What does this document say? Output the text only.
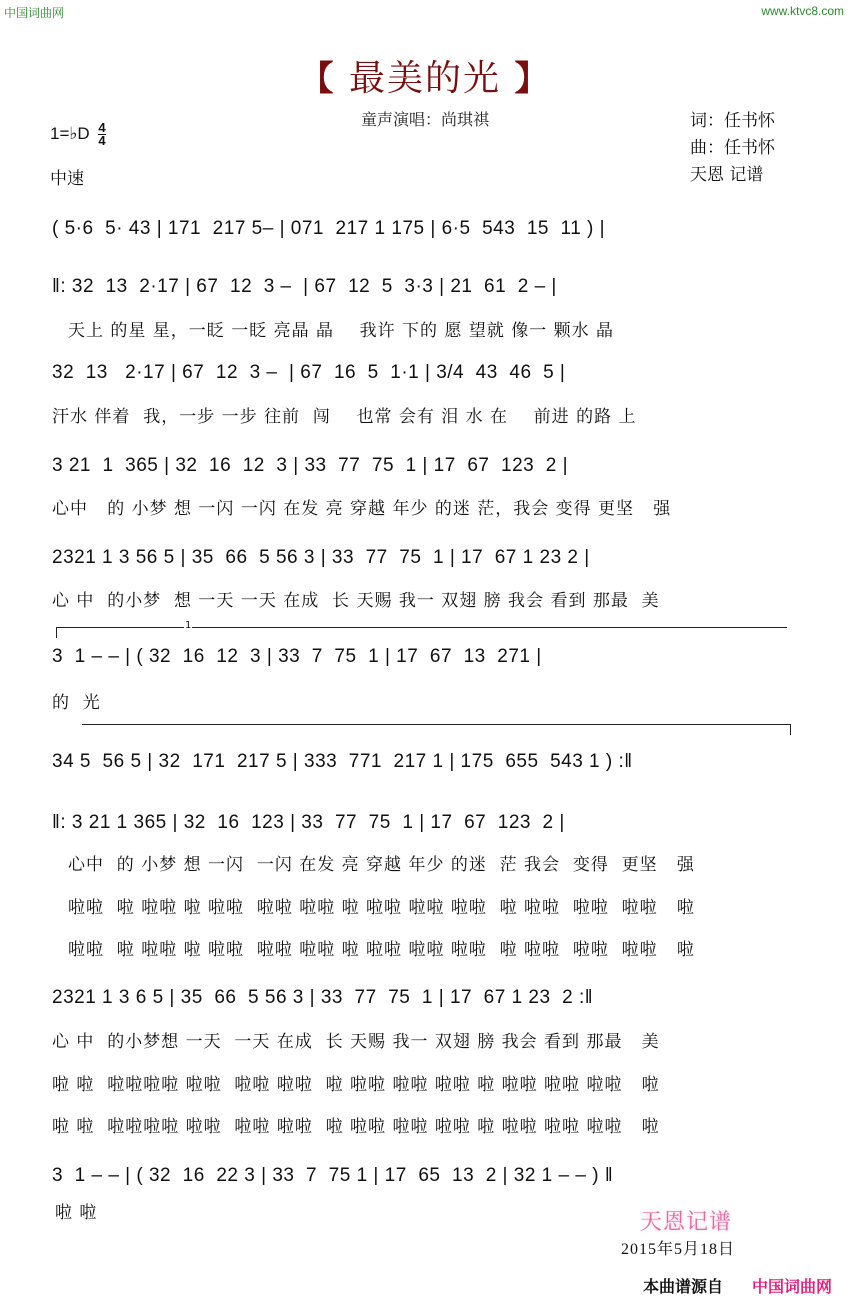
中国词曲网	www.ktvc8.com
【 最美的光 】
童声演唱：尚琪祺
1=♭D $\frac{4}{4}$
中速
词：任书怀
曲：任书怀
天恩 记谱
( 5·6  5· 43 | 171  217 5– | 071  217 1 175 | 6·5  543  15  11 ) |
‖: 32  13  2·17 | 67  12  3 –  | 67  12  5  3·3 | 21  61  2 – |
天上 的星 星，一眨 一眨 亮晶 晶    我许 下的 愿 望就 像一 颗水 晶
32  13   2·17 | 67  12  3 –  | 67  16  5  1·1 | 3/4  43  46  5 |
汗水 伴着  我，一步 一步 往前  闯    也常 会有 泪 水 在    前进 的路 上
3 21  1  365 | 32  16  12  3 | 33  77  75  1 | 17  67  123  2 |
心中   的 小梦 想 一闪 一闪 在发 亮 穿越 年少 的迷 茫，我会 变得 更坚   强
2321 1 3 56 5 | 35  66  5 56 3 | 33  77  75  1 | 17  67 1 23 2 |
心 中  的小梦  想 一天 一天 在成  长 天赐 我一 双翅 膀 我会 看到 那最  美
1
3  1 – – | ( 32  16  12  3 | 33  7  75  1 | 17  67  13  271 |
的  光
34 5  56 5 | 32  171  217 5 | 333  771  217 1 | 175  655  543 1 ) :‖
‖: 3 21 1 365 | 32  16  123 | 33  77  75  1 | 17  67  123  2 |
心中  的 小梦 想 一闪  一闪 在发 亮 穿越 年少 的迷  茫 我会  变得  更坚   强
啦啦  啦 啦啦 啦 啦啦  啦啦 啦啦 啦 啦啦 啦啦 啦啦  啦 啦啦  啦啦  啦啦   啦
啦啦  啦 啦啦 啦 啦啦  啦啦 啦啦 啦 啦啦 啦啦 啦啦  啦 啦啦  啦啦  啦啦   啦
2321 1 3 6 5 | 35  66  5 56 3 | 33  77  75  1 | 17  67 1 23  2 :‖
心 中  的小梦想 一天  一天 在成  长 天赐 我一 双翅 膀 我会 看到 那最   美
啦 啦  啦啦啦啦 啦啦  啦啦 啦啦  啦 啦啦 啦啦 啦啦 啦 啦啦 啦啦 啦啦   啦
啦 啦  啦啦啦啦 啦啦  啦啦 啦啦  啦 啦啦 啦啦 啦啦 啦 啦啦 啦啦 啦啦   啦
3  1 – – | ( 32  16  22 3 | 33  7  75 1 | 17  65  13  2 | 32 1 – – ) ‖
啦 啦	天恩记谱
2015年5月18日
本曲谱源自 中国词曲网
